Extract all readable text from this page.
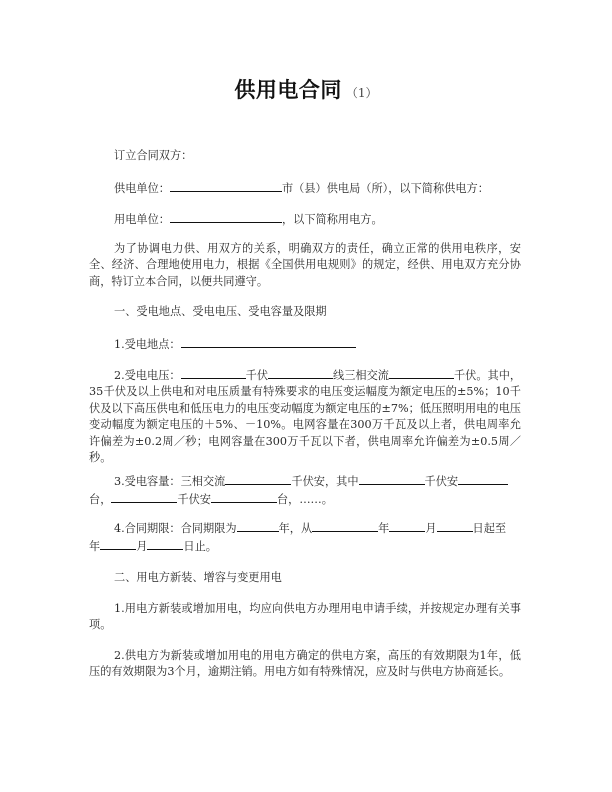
供用电合同 （1）
订立合同双方：
供电单位：	市（县）供电局（所），以下简称供电方：
用电单位：	，以下简称用电方。
为了协调电力供、用双方的关系，明确双方的责任，确立正常的供用电秩序，安全、经济、合理地使用电力，根据《全国供用电规则》的规定，经供、用电双方充分协商，特订立本合同，以便共同遵守。
一、受电地点、受电电压、受电容量及限期
1.受电地点：
2.受电电压：	千伏	线三相交流	千伏。其中，
35千伏及以上供电和对电压质量有特殊要求的电压变运幅度为额定电压的±5%；10千伏及以下高压供电和低压电力的电压变动幅度为额定电压的±7%；低压照明用电的电压变动幅度为额定电压的＋5%、－10%。电网容量在300万千瓦及以上者，供电周率允许偏差为±0.2周／秒；电网容量在300万千瓦以下者，供电周率允许偏差为±0.5周／秒。
3.受电容量：三相交流	千伏安，其中	千伏安
台，	千伏安	台，……。
4.合同期限：合同期限为	年，从	年	月	日起至
年	月	日止。
二、用电方新装、增容与变更用电
1.用电方新装或增加用电，均应向供电方办理用电申请手续，并按规定办理有关事项。
2.供电方为新装或增加用电的用电方确定的供电方案，高压的有效期限为1年，低压的有效期限为3个月，逾期注销。用电方如有特殊情况，应及时与供电方协商延长。
